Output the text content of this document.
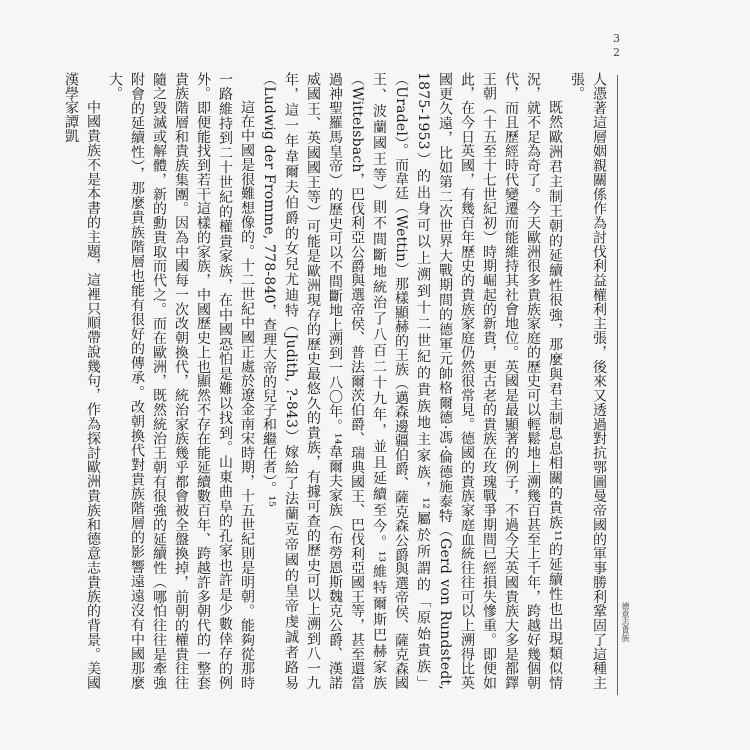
32
德意志貴族

人憑著這層姻親關係作為討伐利益權利主張，後來又透過對抗鄂圖曼帝國的軍事勝利鞏固了這種主張。

既然歐洲君主制王朝的延續性很強，那麼與君主制息息相關的貴族¹¹的延續性也出現類似情況，就不足為奇了。今天歐洲很多貴族家庭的歷史可以輕鬆地上溯幾百甚至上千年，跨越好幾個朝代，而且歷經時代變遷而能維持其社會地位。英國是最顯著的例子，不過今天英國貴族大多是都鐸王朝（十五至十七世紀初）時期崛起的新貴，更古老的貴族在玫瑰戰爭期間已經損失慘重。即便如此，在今日英國，有幾百年歷史的貴族家庭仍然很常見。德國的貴族家庭血統往往可以上溯得比英國更久遠，比如第二次世界大戰期間的德軍元帥格爾德·馮·倫德施泰特（Gerd von Rundstedt, 1875-1953）的出身可以上溯到十二世紀的貴族地主家族，¹²屬於所謂的「原始貴族」（Uradel）。而韋廷（Wettin）那樣顯赫的王族（邁森邊疆伯爵、薩克森公爵與選帝侯、薩克森國王、波蘭國王等）則不間斷地統治了八百二十九年，並且延續至今。¹³維特爾斯巴赫家族（Wittelsbach，巴伐利亞公爵與選帝侯、普法爾茨伯爵、瑞典國王、巴伐利亞國王等，甚至還當過神聖羅馬皇帝）的歷史可以不間斷地上溯到一八〇年。¹⁴韋爾夫家族（布勞恩斯魏克公爵、漢諾威國王、英國國王等）可能是歐洲現存的歷史最悠久的貴族，有據可查的歷史可以上溯到八一九年，這一年韋爾夫伯爵的女兒尤迪特（Judith, ?-843）嫁給了法蘭克帝國的皇帝虔誠者路易（Ludwig der Fromme, 778-840，查理大帝的兒子和繼任者）。¹⁵

這在中國是很難想像的。十二世紀中國正處於遼金南宋時期，十五世紀則是明朝。能夠從那時一路維持到二十世紀的權貴家族，在中國恐怕是難以找到。山東曲阜的孔家也許是少數倖存的例外。即便能找到若干這樣的家族，中國歷史上也顯然不存在能延續數百年、跨越許多朝代的一整套貴族階層和貴族集團。因為中國每一次改朝換代，統治家族幾乎都會被全盤換掉，前朝的權貴往往隨之毀滅或解體，新的勳貴取而代之。而在歐洲，既然統治王朝有很強的延續性（哪怕往往是牽強附會的延續性），那麼貴族階層也能有很好的傳承。改朝換代對貴族階層的影響遠遠沒有中國那麼大。

中國貴族不是本書的主題，這裡只順帶說幾句，作為探討歐洲貴族和德意志貴族的背景。美國漢學家譚凱
